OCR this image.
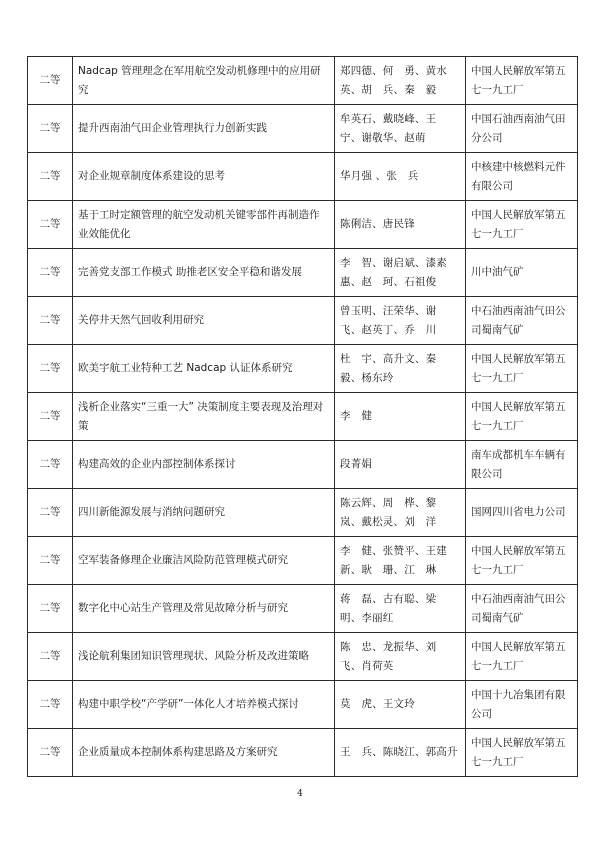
二等	Nadcap 管理理念在军用航空发动机修理中的应用研究	郑四德、何　勇、黄水英、胡　兵、秦　毅	中国人民解放军第五七一九工厂
二等	提升西南油气田企业管理执行力创新实践	牟英石、戴晓峰、王　宁、谢敬华、赵萌	中国石油西南油气田分公司
二等	对企业规章制度体系建设的思考	华月强 、张　兵	中核建中核燃料元件有限公司
二等	基于工时定额管理的航空发动机关键零部件再制造作业效能优化	陈俐洁、唐民锋	中国人民解放军第五七一九工厂
二等	完善党支部工作模式 助推老区安全平稳和谐发展	李　智、谢启斌、漆素惠、赵　珂、石祖俊	川中油气矿
二等	关停井天然气回收利用研究	曾玉明、汪荣华、谢　飞、赵英丁、乔　川	中石油西南油气田公司蜀南气矿
二等	欧美宇航工业特种工艺 Nadcap 认证体系研究	杜　宇、高升文、秦　毅、杨东玲	中国人民解放军第五七一九工厂
二等	浅析企业落实“三重一大” 决策制度主要表现及治理对策	李　健	中国人民解放军第五七一九工厂
二等	构建高效的企业内部控制体系探讨	段菁娟	南车成都机车车辆有限公司
二等	四川新能源发展与消纳问题研究	陈云辉、周　桦、黎　岚、戴松灵、刘　洋	国网四川省电力公司
二等	空军装备修理企业廉洁风险防范管理模式研究	李　健、张赞平、王建新、耿　珊、江　琳	中国人民解放军第五七一九工厂
二等	数字化中心站生产管理及常见故障分析与研究	蒋　磊、古有聪、梁　明、李丽红	中石油西南油气田公司蜀南气矿
二等	浅论航利集团知识管理现状、风险分析及改进策略	陈　忠、龙振华、刘　飞、肖荷英	中国人民解放军第五七一九工厂
二等	构建中职学校“产学研”一体化人才培养模式探讨	莫　虎、王文玲	中国十九冶集团有限公司
二等	企业质量成本控制体系构建思路及方案研究	王　兵、陈晓江、郭高升	中国人民解放军第五七一九工厂
4
